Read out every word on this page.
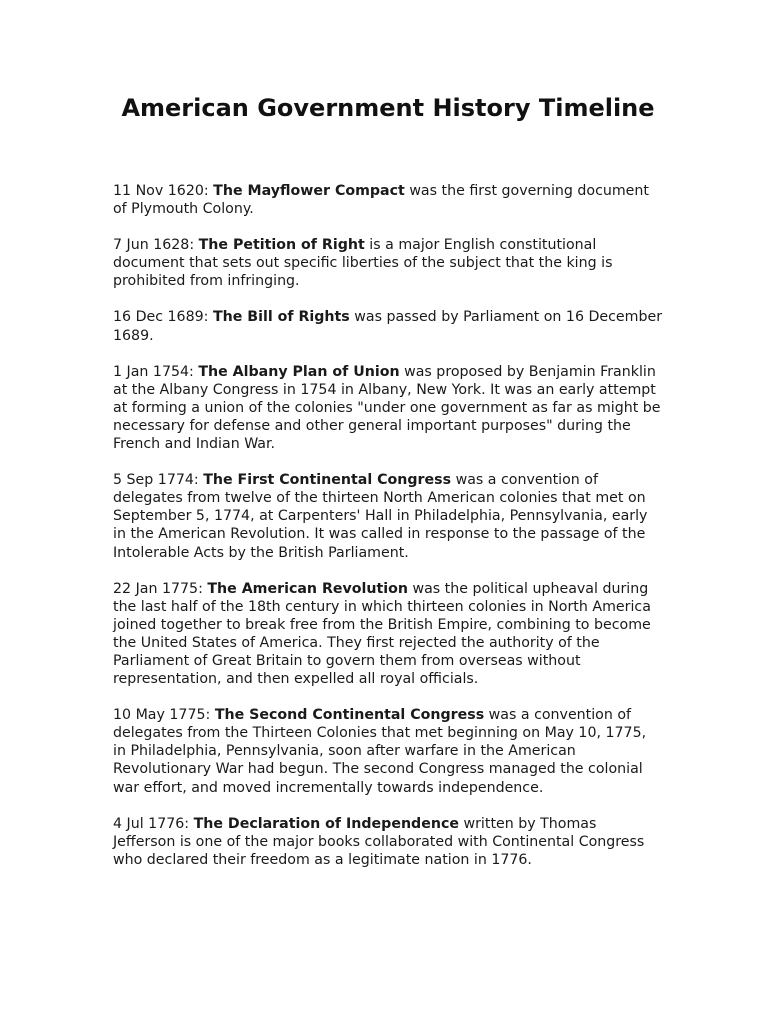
American Government History Timeline

11 Nov 1620: The Mayflower Compact was the first governing document of Plymouth Colony.

7 Jun 1628: The Petition of Right is a major English constitutional document that sets out specific liberties of the subject that the king is prohibited from infringing.

16 Dec 1689: The Bill of Rights was passed by Parliament on 16 December 1689.

1 Jan 1754: The Albany Plan of Union was proposed by Benjamin Franklin at the Albany Congress in 1754 in Albany, New York. It was an early attempt at forming a union of the colonies "under one government as far as might be necessary for defense and other general important purposes" during the French and Indian War.

5 Sep 1774: The First Continental Congress was a convention of delegates from twelve of the thirteen North American colonies that met on September 5, 1774, at Carpenters' Hall in Philadelphia, Pennsylvania, early in the American Revolution. It was called in response to the passage of the Intolerable Acts by the British Parliament.

22 Jan 1775: The American Revolution was the political upheaval during the last half of the 18th century in which thirteen colonies in North America joined together to break free from the British Empire, combining to become the United States of America. They first rejected the authority of the Parliament of Great Britain to govern them from overseas without representation, and then expelled all royal officials.

10 May 1775: The Second Continental Congress was a convention of delegates from the Thirteen Colonies that met beginning on May 10, 1775, in Philadelphia, Pennsylvania, soon after warfare in the American Revolutionary War had begun. The second Congress managed the colonial war effort, and moved incrementally towards independence.

4 Jul 1776: The Declaration of Independence written by Thomas Jefferson is one of the major books collaborated with Continental Congress who declared their freedom as a legitimate nation in 1776.
